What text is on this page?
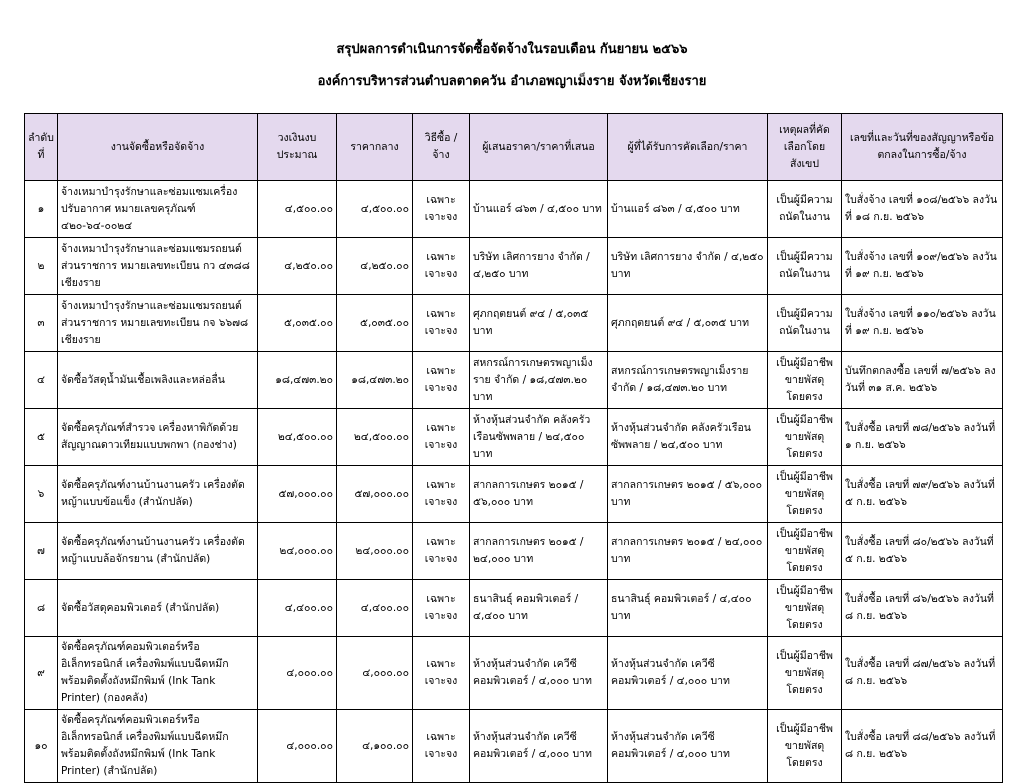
สรุปผลการดำเนินการจัดซื้อจัดจ้างในรอบเดือน กันยายน ๒๕๖๖
องค์การบริหารส่วนตำบลตาดควัน อำเภอพญาเม็งราย จังหวัดเชียงราย
ลำดับที่	งานจัดซื้อหรือจัดจ้าง	วงเงินงบประมาณ	ราคากลาง	วิธีซื้อ / จ้าง	ผู้เสนอราคา/ราคาที่เสนอ	ผู้ที่ได้รับการคัดเลือก/ราคา	เหตุผลที่คัดเลือกโดยสังเขป	เลขที่และวันที่ของสัญญาหรือข้อตกลงในการซื้อ/จ้าง
๑	จ้างเหมาบำรุงรักษาและซ่อมแซมเครื่องปรับอากาศ หมายเลขครุภัณฑ์ ๔๒๐-๖๔-๐๐๒๔	๔,๕๐๐.๐๐	๔,๕๐๐.๐๐	เฉพาะเจาะจง	บ้านแอร์ ๘๖๓ / ๔,๕๐๐ บาท	บ้านแอร์ ๘๖๓ / ๔,๕๐๐ บาท	เป็นผู้มีความถนัดในงาน	ใบสั่งจ้าง เลขที่ ๑๐๘/๒๕๖๖ ลงวันที่ ๑๘ ก.ย. ๒๕๖๖
๒	จ้างเหมาบำรุงรักษาและซ่อมแซมรถยนต์ส่วนราชการ หมายเลขทะเบียน กว ๔๓๘๘ เชียงราย	๔,๒๕๐.๐๐	๔,๒๕๐.๐๐	เฉพาะเจาะจง	บริษัท เลิศการยาง จำกัด / ๔,๒๕๐ บาท	บริษัท เลิศการยาง จำกัด / ๔,๒๕๐ บาท	เป็นผู้มีความถนัดในงาน	ใบสั่งจ้าง เลขที่ ๑๐๙/๒๕๖๖ ลงวันที่ ๑๙ ก.ย. ๒๕๖๖
๓	จ้างเหมาบำรุงรักษาและซ่อมแซมรถยนต์ส่วนราชการ หมายเลขทะเบียน กจ ๖๖๗๘ เชียงราย	๕,๐๓๕.๐๐	๕,๐๓๕.๐๐	เฉพาะเจาะจง	ศุภกฤตยนต์ ๙๔ / ๕,๐๓๕ บาท	ศุภกฤตยนต์ ๙๔ / ๕,๐๓๕ บาท	เป็นผู้มีความถนัดในงาน	ใบสั่งจ้าง เลขที่ ๑๑๐/๒๕๖๖ ลงวันที่ ๑๙ ก.ย. ๒๕๖๖
๔	จัดซื้อวัสดุน้ำมันเชื้อเพลิงและหล่อลื่น	๑๘,๔๗๓.๒๐	๑๘,๔๗๓.๒๐	เฉพาะเจาะจง	สหกรณ์การเกษตรพญาเม็งราย จำกัด / ๑๘,๔๗๓.๒๐ บาท	สหกรณ์การเกษตรพญาเม็งราย จำกัด / ๑๘,๔๗๓.๒๐ บาท	เป็นผู้มีอาชีพขายพัสดุโดยตรง	บันทึกตกลงซื้อ เลขที่ ๗/๒๕๖๖ ลงวันที่ ๓๑ ส.ค. ๒๕๖๖
๕	จัดซื้อครุภัณฑ์สำรวจ เครื่องหาพิกัดด้วยสัญญาณดาวเทียมแบบพกพา (กองช่าง)	๒๔,๕๐๐.๐๐	๒๔,๕๐๐.๐๐	เฉพาะเจาะจง	ห้างหุ้นส่วนจำกัด คลังครัวเรือนซัพพลาย / ๒๔,๕๐๐ บาท	ห้างหุ้นส่วนจำกัด คลังครัวเรือนซัพพลาย / ๒๔,๕๐๐ บาท	เป็นผู้มีอาชีพขายพัสดุโดยตรง	ใบสั่งซื้อ เลขที่ ๗๘/๒๕๖๖ ลงวันที่ ๑ ก.ย. ๒๕๖๖
๖	จัดซื้อครุภัณฑ์งานบ้านงานครัว เครื่องตัดหญ้าแบบข้อแข็ง (สำนักปลัด)	๕๗,๐๐๐.๐๐	๕๗,๐๐๐.๐๐	เฉพาะเจาะจง	สากลการเกษตร ๒๐๑๕ / ๕๖,๐๐๐ บาท	สากลการเกษตร ๒๐๑๕ / ๕๖,๐๐๐ บาท	เป็นผู้มีอาชีพขายพัสดุโดยตรง	ใบสั่งซื้อ เลขที่ ๗๙/๒๕๖๖ ลงวันที่ ๕ ก.ย. ๒๕๖๖
๗	จัดซื้อครุภัณฑ์งานบ้านงานครัว เครื่องตัดหญ้าแบบล้อจักรยาน (สำนักปลัด)	๒๔,๐๐๐.๐๐	๒๔,๐๐๐.๐๐	เฉพาะเจาะจง	สากลการเกษตร ๒๐๑๕ / ๒๔,๐๐๐ บาท	สากลการเกษตร ๒๐๑๕ / ๒๔,๐๐๐ บาท	เป็นผู้มีอาชีพขายพัสดุโดยตรง	ใบสั่งซื้อ เลขที่ ๘๐/๒๕๖๖ ลงวันที่ ๕ ก.ย. ๒๕๖๖
๘	จัดซื้อวัสดุคอมพิวเตอร์ (สำนักปลัด)	๔,๔๐๐.๐๐	๔,๔๐๐.๐๐	เฉพาะเจาะจง	ธนาสินธุ์ คอมพิวเตอร์ / ๔,๔๐๐ บาท	ธนาสินธุ์ คอมพิวเตอร์ / ๔,๔๐๐ บาท	เป็นผู้มีอาชีพขายพัสดุโดยตรง	ใบสั่งซื้อ เลขที่ ๘๖/๒๕๖๖ ลงวันที่ ๘ ก.ย. ๒๕๖๖
๙	จัดซื้อครุภัณฑ์คอมพิวเตอร์หรืออิเล็กทรอนิกส์ เครื่องพิมพ์แบบฉีดหมึกพร้อมติดตั้งถังหมึกพิมพ์ (Ink Tank Printer) (กองคลัง)	๔,๐๐๐.๐๐	๔,๐๐๐.๐๐	เฉพาะเจาะจง	ห้างหุ้นส่วนจำกัด เควีซีคอมพิวเตอร์ / ๔,๐๐๐ บาท	ห้างหุ้นส่วนจำกัด เควีซีคอมพิวเตอร์ / ๔,๐๐๐ บาท	เป็นผู้มีอาชีพขายพัสดุโดยตรง	ใบสั่งซื้อ เลขที่ ๘๗/๒๕๖๖ ลงวันที่ ๘ ก.ย. ๒๕๖๖
๑๐	จัดซื้อครุภัณฑ์คอมพิวเตอร์หรืออิเล็กทรอนิกส์ เครื่องพิมพ์แบบฉีดหมึกพร้อมติดตั้งถังหมึกพิมพ์ (Ink Tank Printer) (สำนักปลัด)	๔,๐๐๐.๐๐	๔,๑๐๐.๐๐	เฉพาะเจาะจง	ห้างหุ้นส่วนจำกัด เควีซีคอมพิวเตอร์ / ๔,๐๐๐ บาท	ห้างหุ้นส่วนจำกัด เควีซีคอมพิวเตอร์ / ๔,๐๐๐ บาท	เป็นผู้มีอาชีพขายพัสดุโดยตรง	ใบสั่งซื้อ เลขที่ ๘๘/๒๕๖๖ ลงวันที่ ๘ ก.ย. ๒๕๖๖
